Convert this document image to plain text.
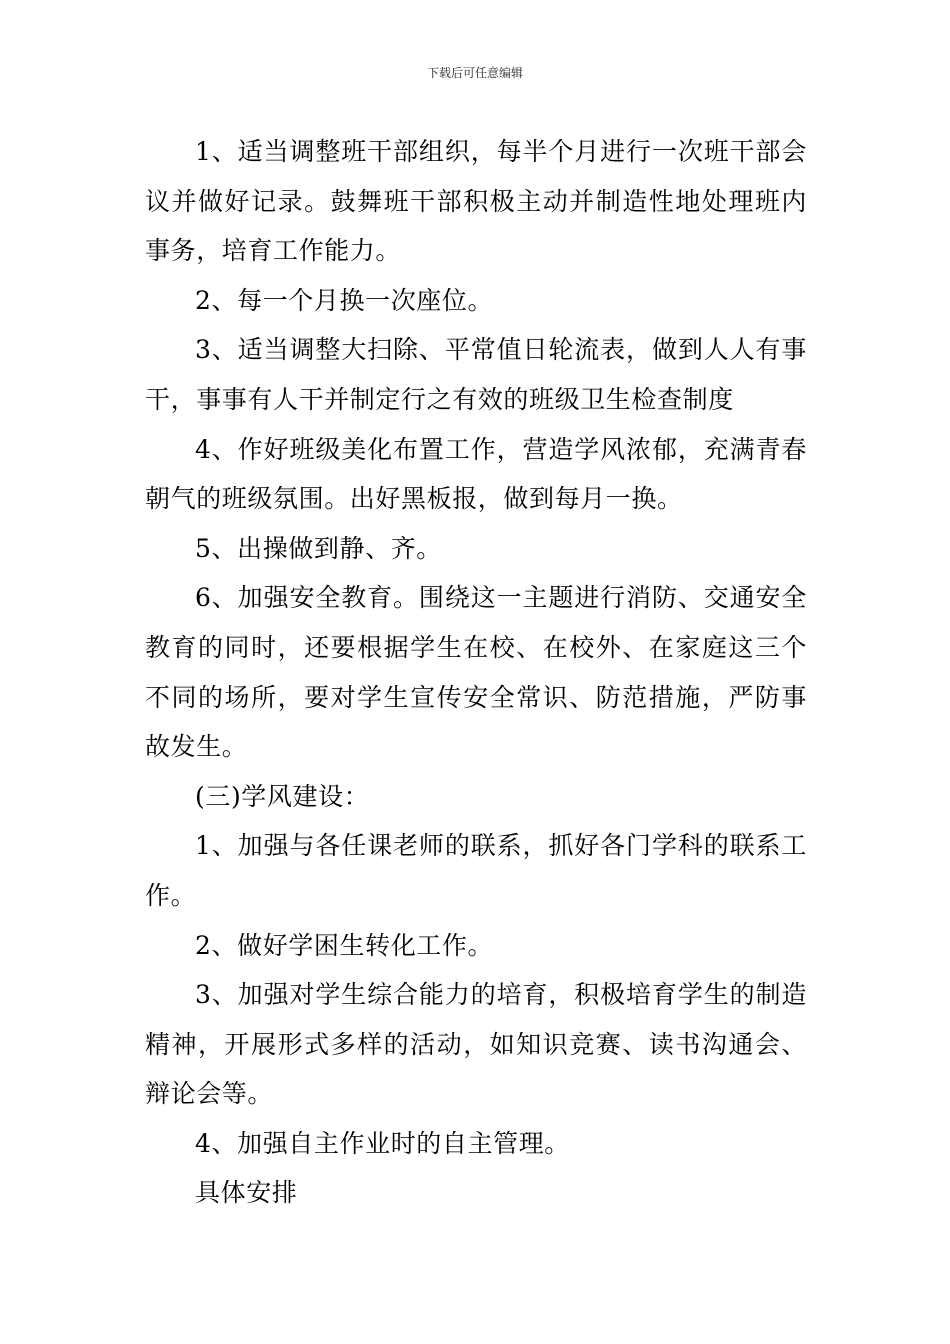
下载后可任意编辑

1、适当调整班干部组织，每半个月进行一次班干部会议并做好记录。鼓舞班干部积极主动并制造性地处理班内事务，培育工作能力。

2、每一个月换一次座位。

3、适当调整大扫除、平常值日轮流表，做到人人有事干，事事有人干并制定行之有效的班级卫生检查制度

4、作好班级美化布置工作，营造学风浓郁，充满青春朝气的班级氛围。出好黑板报，做到每月一换。

5、出操做到静、齐。

6、加强安全教育。围绕这一主题进行消防、交通安全教育的同时，还要根据学生在校、在校外、在家庭这三个不同的场所，要对学生宣传安全常识、防范措施，严防事故发生。

(三)学风建设：

1、加强与各任课老师的联系，抓好各门学科的联系工作。

2、做好学困生转化工作。

3、加强对学生综合能力的培育，积极培育学生的制造精神，开展形式多样的活动，如知识竞赛、读书沟通会、辩论会等。

4、加强自主作业时的自主管理。

具体安排
